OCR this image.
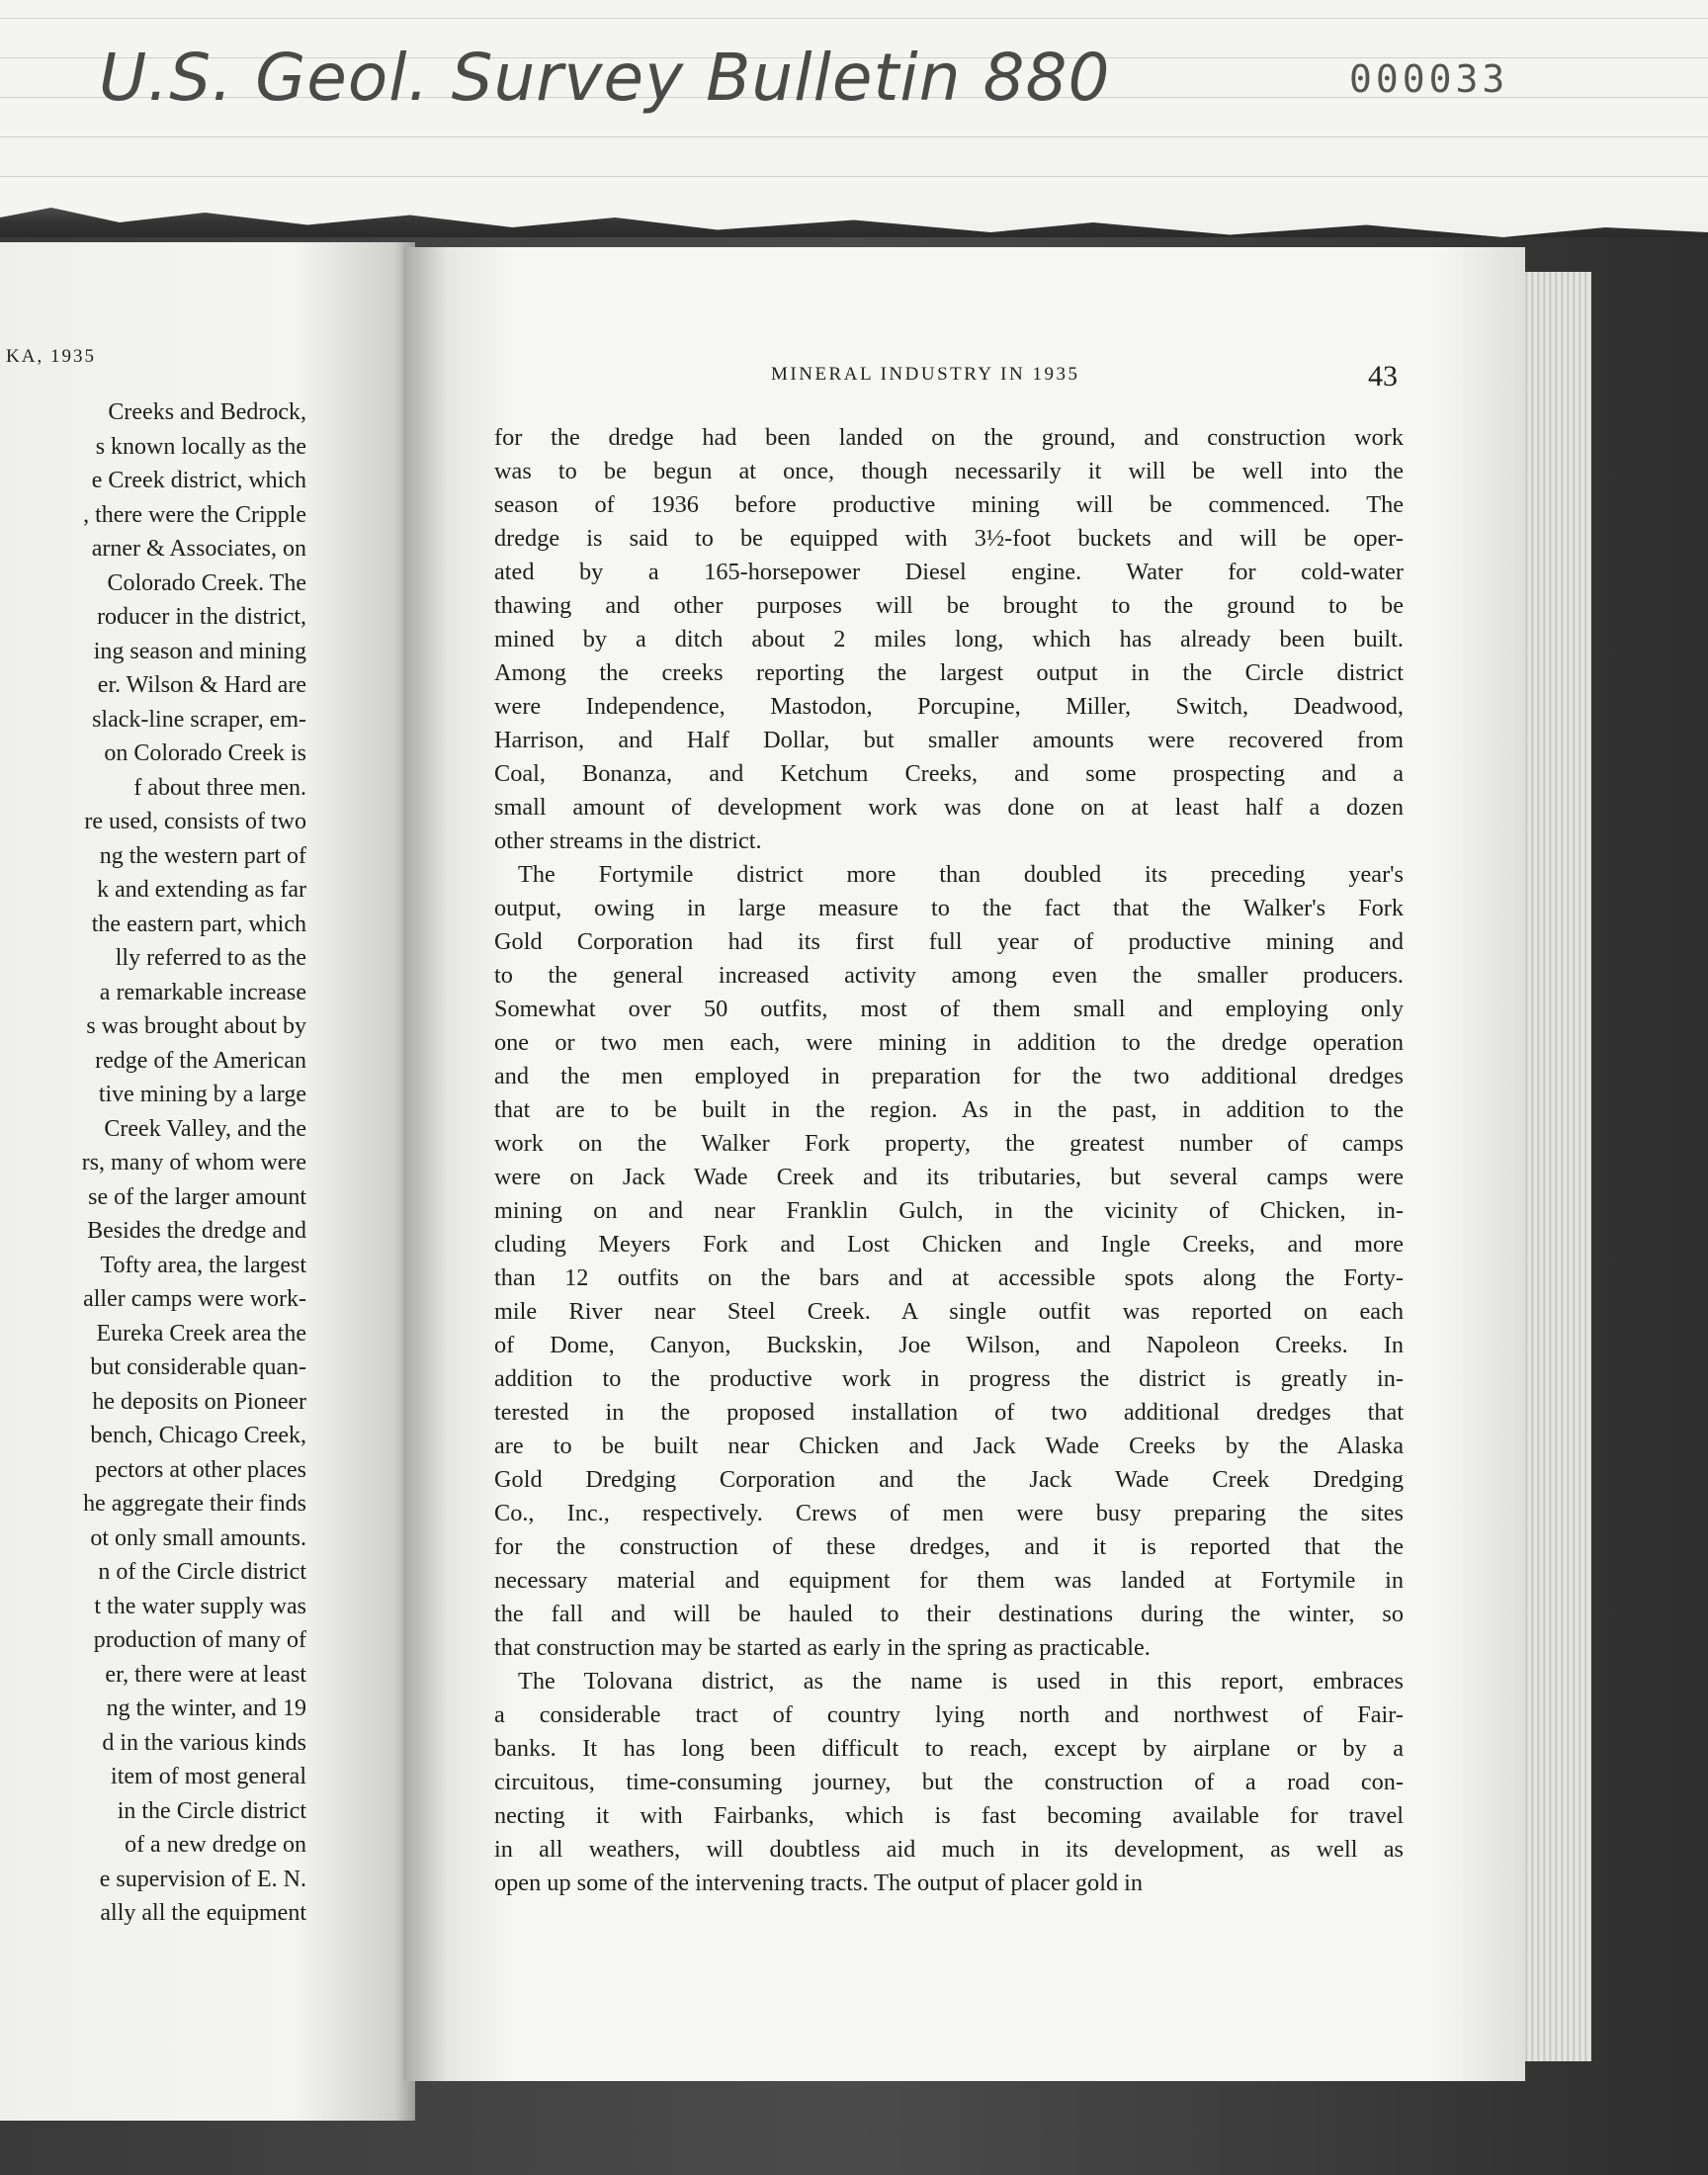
U.S. Geol. Survey Bulletin 880	000033
KA, 1935
Creeks and Bedrock,
s known locally as the
e Creek district, which
, there were the Cripple
arner & Associates, on
Colorado Creek. The
roducer in the district,
ing season and mining
er. Wilson & Hard are
slack-line scraper, em-
on Colorado Creek is
f about three men.
re used, consists of two
ng the western part of
k and extending as far
the eastern part, which
lly referred to as the
a remarkable increase
s was brought about by
redge of the American
tive mining by a large
Creek Valley, and the
rs, many of whom were
se of the larger amount
Besides the dredge and
Tofty area, the largest
aller camps were work-
Eureka Creek area the
but considerable quan-
he deposits on Pioneer
bench, Chicago Creek,
pectors at other places
he aggregate their finds
ot only small amounts.
n of the Circle district
t the water supply was
production of many of
er, there were at least
ng the winter, and 19
d in the various kinds
item of most general
in the Circle district
of a new dredge on
e supervision of E. N.
ally all the equipment
MINERAL INDUSTRY IN 1935	43
for the dredge had been landed on the ground, and construction work
was to be begun at once, though necessarily it will be well into the
season of 1936 before productive mining will be commenced. The
dredge is said to be equipped with 3½-foot buckets and will be oper-
ated by a 165-horsepower Diesel engine. Water for cold-water
thawing and other purposes will be brought to the ground to be
mined by a ditch about 2 miles long, which has already been built.
Among the creeks reporting the largest output in the Circle district
were Independence, Mastodon, Porcupine, Miller, Switch, Deadwood,
Harrison, and Half Dollar, but smaller amounts were recovered from
Coal, Bonanza, and Ketchum Creeks, and some prospecting and a
small amount of development work was done on at least half a dozen
other streams in the district.
The Fortymile district more than doubled its preceding year's
output, owing in large measure to the fact that the Walker's Fork
Gold Corporation had its first full year of productive mining and
to the general increased activity among even the smaller producers.
Somewhat over 50 outfits, most of them small and employing only
one or two men each, were mining in addition to the dredge operation
and the men employed in preparation for the two additional dredges
that are to be built in the region. As in the past, in addition to the
work on the Walker Fork property, the greatest number of camps
were on Jack Wade Creek and its tributaries, but several camps were
mining on and near Franklin Gulch, in the vicinity of Chicken, in-
cluding Meyers Fork and Lost Chicken and Ingle Creeks, and more
than 12 outfits on the bars and at accessible spots along the Forty-
mile River near Steel Creek. A single outfit was reported on each
of Dome, Canyon, Buckskin, Joe Wilson, and Napoleon Creeks. In
addition to the productive work in progress the district is greatly in-
terested in the proposed installation of two additional dredges that
are to be built near Chicken and Jack Wade Creeks by the Alaska
Gold Dredging Corporation and the Jack Wade Creek Dredging
Co., Inc., respectively. Crews of men were busy preparing the sites
for the construction of these dredges, and it is reported that the
necessary material and equipment for them was landed at Fortymile in
the fall and will be hauled to their destinations during the winter, so
that construction may be started as early in the spring as practicable.
The Tolovana district, as the name is used in this report, embraces
a considerable tract of country lying north and northwest of Fair-
banks. It has long been difficult to reach, except by airplane or by a
circuitous, time-consuming journey, but the construction of a road con-
necting it with Fairbanks, which is fast becoming available for travel
in all weathers, will doubtless aid much in its development, as well as
open up some of the intervening tracts. The output of placer gold in
